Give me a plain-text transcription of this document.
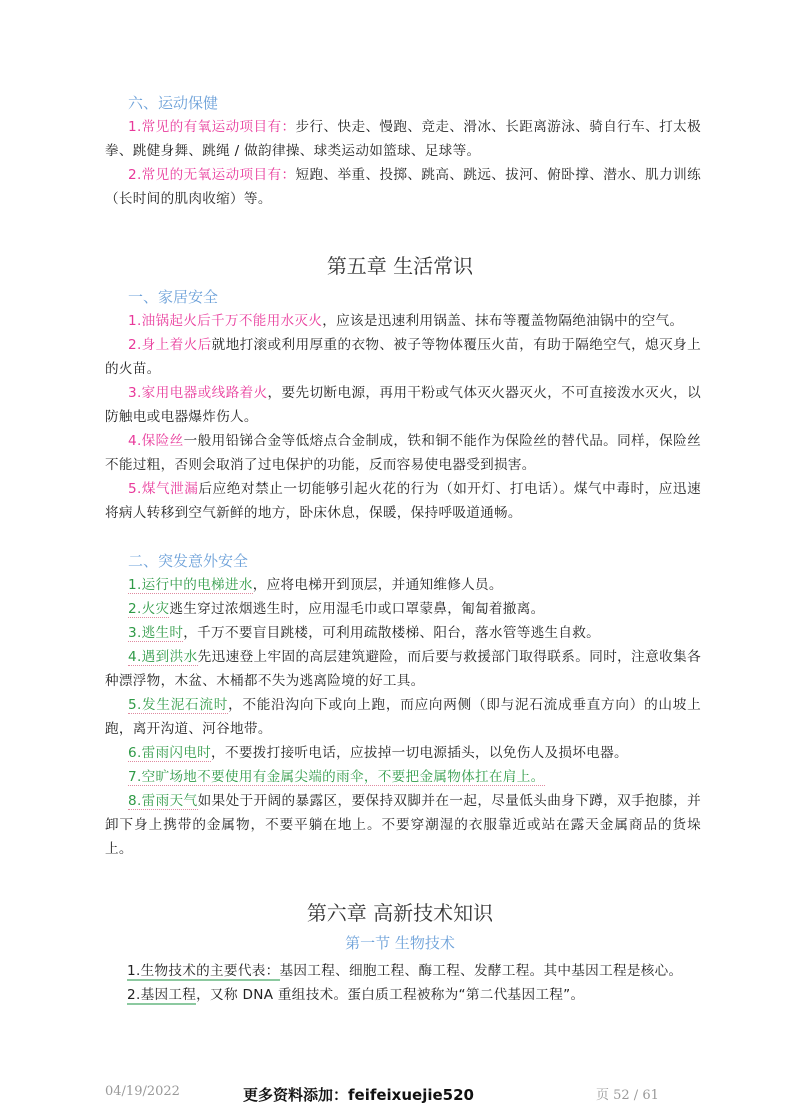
六、运动保健

1.常见的有氧运动项目有：步行、快走、慢跑、竞走、滑冰、长距离游泳、骑自行车、打太极拳、跳健身舞、跳绳 / 做韵律操、球类运动如篮球、足球等。

2.常见的无氧运动项目有：短跑、举重、投掷、跳高、跳远、拔河、俯卧撑、潜水、肌力训练（长时间的肌肉收缩）等。

第五章 生活常识
一、家居安全

1.油锅起火后千万不能用水灭火，应该是迅速利用锅盖、抹布等覆盖物隔绝油锅中的空气。

2.身上着火后就地打滚或利用厚重的衣物、被子等物体覆压火苗，有助于隔绝空气，熄灭身上的火苗。

3.家用电器或线路着火，要先切断电源，再用干粉或气体灭火器灭火，不可直接泼水灭火，以防触电或电器爆炸伤人。

4.保险丝一般用铅锑合金等低熔点合金制成，铁和铜不能作为保险丝的替代品。同样，保险丝不能过粗，否则会取消了过电保护的功能，反而容易使电器受到损害。

5.煤气泄漏后应绝对禁止一切能够引起火花的行为（如开灯、打电话）。煤气中毒时，应迅速将病人转移到空气新鲜的地方，卧床休息，保暖，保持呼吸道通畅。

二、突发意外安全

1.运行中的电梯进水，应将电梯开到顶层，并通知维修人员。

2.火灾逃生穿过浓烟逃生时，应用湿毛巾或口罩蒙鼻，匍匐着撤离。

3.逃生时，千万不要盲目跳楼，可利用疏散楼梯、阳台，落水管等逃生自救。

4.遇到洪水先迅速登上牢固的高层建筑避险，而后要与救援部门取得联系。同时，注意收集各种漂浮物，木盆、木桶都不失为逃离险境的好工具。

5.发生泥石流时，不能沿沟向下或向上跑，而应向两侧（即与泥石流成垂直方向）的山坡上跑，离开沟道、河谷地带。

6.雷雨闪电时，不要拨打接听电话，应拔掉一切电源插头，以免伤人及损坏电器。

7.空旷场地不要使用有金属尖端的雨伞，不要把金属物体扛在肩上。

8.雷雨天气如果处于开阔的暴露区，要保持双脚并在一起，尽量低头曲身下蹲，双手抱膝，并卸下身上携带的金属物，不要平躺在地上。不要穿潮湿的衣服靠近或站在露天金属商品的货垛上。

第六章 高新技术知识
第一节 生物技术

1.生物技术的主要代表：基因工程、细胞工程、酶工程、发酵工程。其中基因工程是核心。

2.基因工程，又称 DNA 重组技术。蛋白质工程被称为“第二代基因工程”。

04/19/2022	更多资料添加：feifeixuejie520	页 52 / 61
